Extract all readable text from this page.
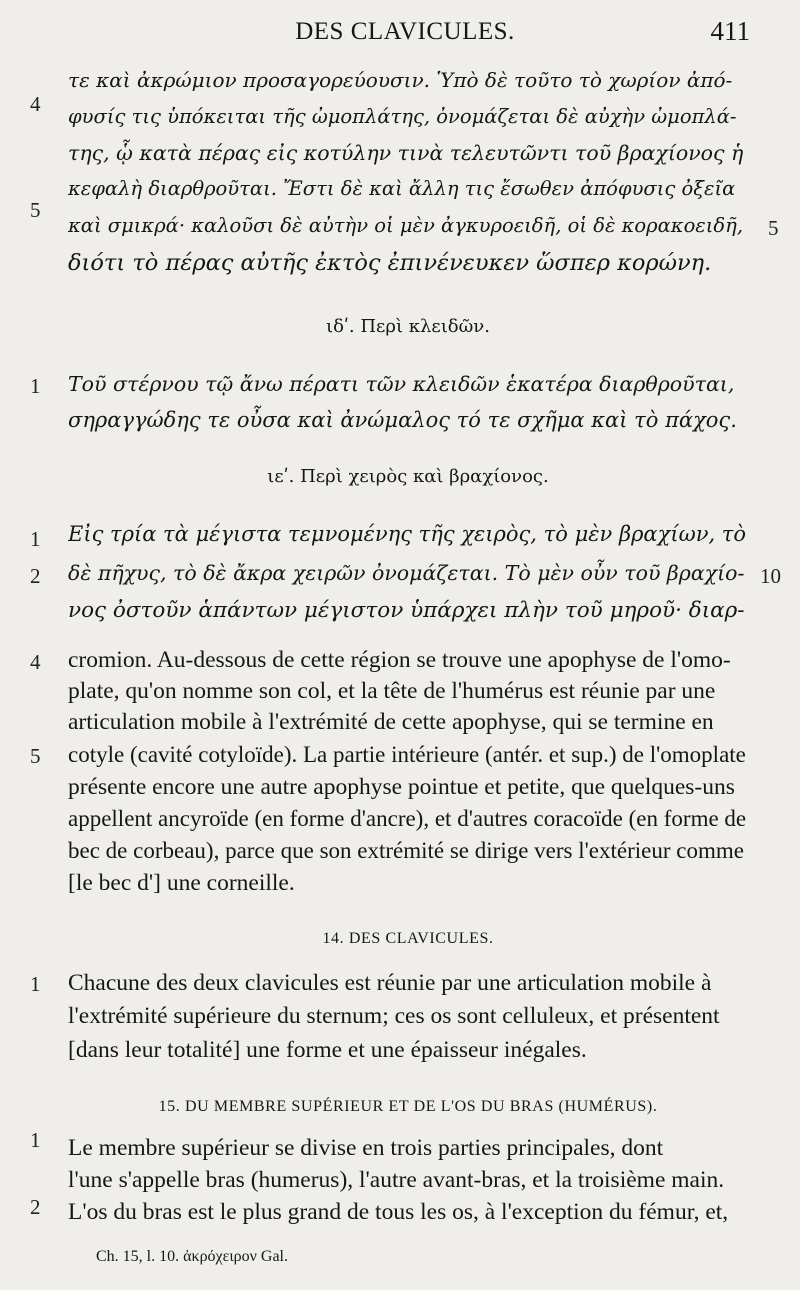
DES CLAVICULES.	411
τε καὶ ἀκρώμιον προσαγορεύουσιν. Ὑπὸ δὲ τοῦτο τὸ χωρίον ἀπό-
φυσίς τις ὑπόκειται τῆς ὠμοπλάτης, ὀνομάζεται δὲ αὐχὴν ὠμοπλά-
της, ᾧ κατὰ πέρας εἰς κοτύλην τινὰ τελευτῶντι τοῦ βραχίονος ἡ
κεφαλὴ διαρθροῦται. Ἔστι δὲ καὶ ἄλλη τις ἔσωθεν ἀπόφυσις ὀξεῖα
καὶ σμικρά· καλοῦσι δὲ αὐτὴν οἱ μὲν ἀγκυροειδῆ, οἱ δὲ κορακοειδῆ,
διότι τὸ πέρας αὐτῆς ἐκτὸς ἐπινένευκεν ὥσπερ κορώνη.
ιδʹ. Περὶ κλειδῶν.
Τοῦ στέρνου τῷ ἄνω πέρατι τῶν κλειδῶν ἑκατέρα διαρθροῦται,
σηραγγώδης τε οὖσα καὶ ἀνώμαλος τό τε σχῆμα καὶ τὸ πάχος.
ιεʹ. Περὶ χειρὸς καὶ βραχίονος.
Εἰς τρία τὰ μέγιστα τεμνομένης τῆς χειρὸς, τὸ μὲν βραχίων, τὸ
δὲ πῆχυς, τὸ δὲ ἄκρα χειρῶν ὀνομάζεται. Τὸ μὲν οὖν τοῦ βραχίο-
νος ὀστοῦν ἁπάντων μέγιστον ὑπάρχει πλὴν τοῦ μηροῦ· διαρ-
cromion. Au-dessous de cette région se trouve une apophyse de l'omo-
plate, qu'on nomme son col, et la tête de l'humérus est réunie par une
articulation mobile à l'extrémité de cette apophyse, qui se termine en
cotyle (cavité cotyloïde). La partie intérieure (antér. et sup.) de l'omoplate
présente encore une autre apophyse pointue et petite, que quelques-uns
appellent ancyroïde (en forme d'ancre), et d'autres coracoïde (en forme de
bec de corbeau), parce que son extrémité se dirige vers l'extérieur comme
[le bec d'] une corneille.
14. DES CLAVICULES.
Chacune des deux clavicules est réunie par une articulation mobile à
l'extrémité supérieure du sternum; ces os sont celluleux, et présentent
[dans leur totalité] une forme et une épaisseur inégales.
15. DU MEMBRE SUPÉRIEUR ET DE L'OS DU BRAS (HUMÉRUS).
Le membre supérieur se divise en trois parties principales, dont
l'une s'appelle bras (humerus), l'autre avant-bras, et la troisième main.
L'os du bras est le plus grand de tous les os, à l'exception du fémur, et,
Ch. 15, l. 10. ἀκρόχειρον Gal.
4
5
1
1
2
4
5
1
1
2
5
10
